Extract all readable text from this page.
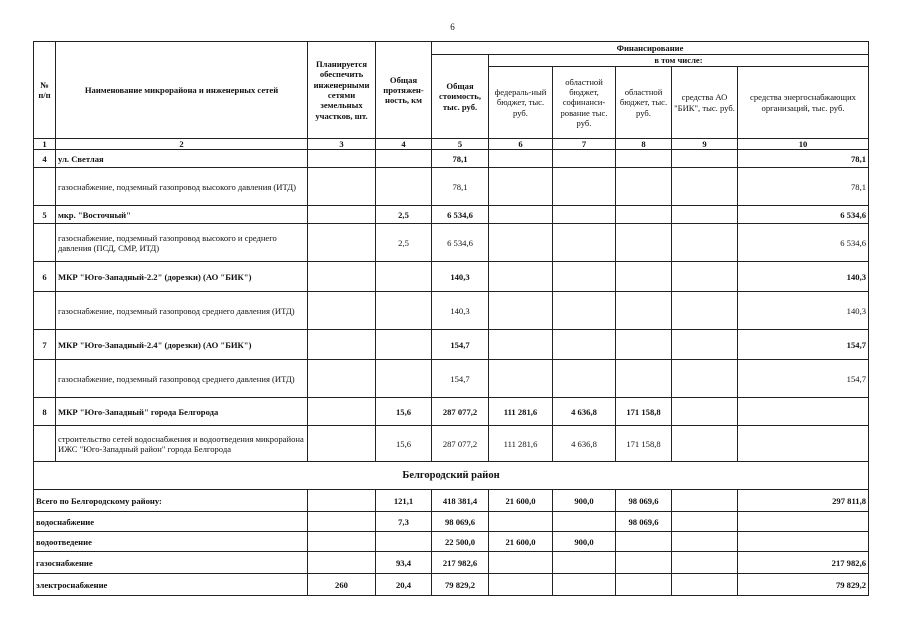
6
№ п/п	Наименование микрорайона и инженерных сетей	Планируется обеспечить инженерными сетями земельных участков, шт.	Общая протяжен-ность, км	Финансирование					
				Общая стоимость, тыс. руб.	в том числе:				
					федераль-ный бюджет, тыс. руб.	областной бюджет, софинанси-рование тыс. руб.	областной бюджет, тыс. руб.	средства АО "БИК", тыс. руб.	средства энергоснабжающих организаций, тыс. руб.
1	2	3	4	5	6	7	8	9	10
4	ул. Светлая			78,1					78,1
	газоснабжение, подземный газопровод высокого давления (ИТД)			78,1					78,1
5	мкр. "Восточный"		2,5	6 534,6					6 534,6
	газоснабжение, подземный газопровод высокого и среднего давления (ПСД, СМР, ИТД)		2,5	6 534,6					6 534,6
6	МКР "Юго-Западный-2.2" (дорезки) (АО "БИК")			140,3					140,3
	газоснабжение, подземный газопровод среднего давления (ИТД)			140,3					140,3
7	МКР "Юго-Западный-2.4" (дорезки) (АО "БИК")			154,7					154,7
	газоснабжение, подземный газопровод среднего давления (ИТД)			154,7					154,7
8	МКР "Юго-Западный" города Белгорода		15,6	287 077,2	111 281,6	4 636,8	171 158,8		
	строительство сетей водоснабжения и водоотведения микрорайона ИЖС "Юго-Западный район" города Белгорода		15,6	287 077,2	111 281,6	4 636,8	171 158,8		
Белгородский район									
Всего по Белгородскому району:			121,1	418 381,4	21 600,0	900,0	98 069,6		297 811,8
водоснабжение			7,3	98 069,6			98 069,6		
водоотведение				22 500,0	21 600,0	900,0			
газоснабжение			93,4	217 982,6					217 982,6
электроснабжение		260	20,4	79 829,2					79 829,2
